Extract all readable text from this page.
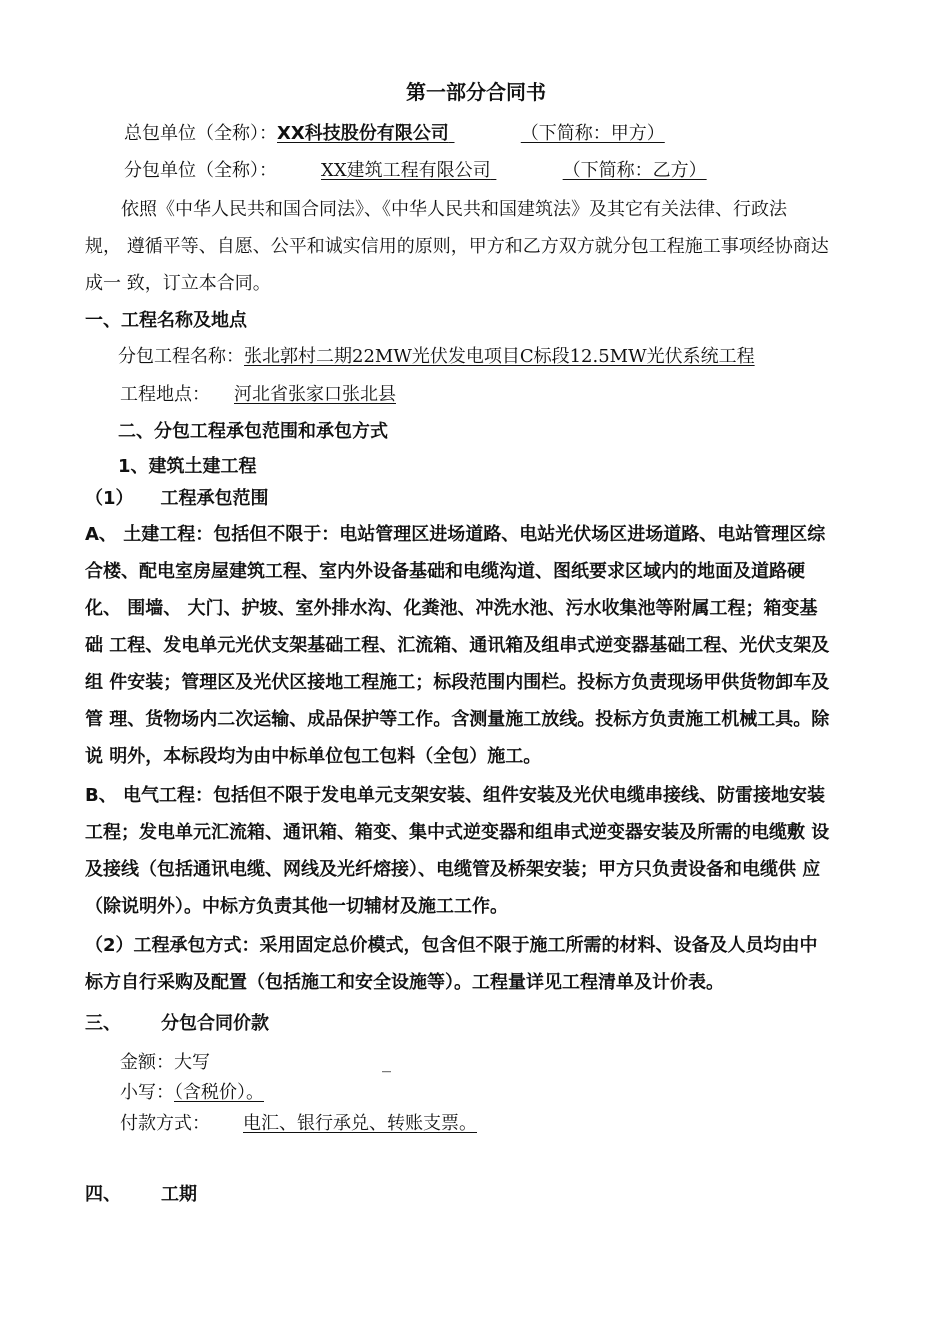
第一部分合同书
总包单位（全称）：XX科技股份有限公司	（下简称：甲方）
分包单位（全称）： XX建筑工程有限公司	（下简称：乙方）
依照《中华人民共和国合同法》、《中华人民共和国建筑法》及其它有关法律、行政法
规， 遵循平等、自愿、公平和诚实信用的原则，甲方和乙方双方就分包工程施工事项经协商达
成一 致，订立本合同。
一、工程名称及地点
分包工程名称：张北郭村二期22MW光伏发电项目C标段12.5MW光伏系统工程
工程地点： 河北省张家口张北县
二、分包工程承包范围和承包方式
1、建筑土建工程
（1）　　工程承包范围
A、 土建工程：包括但不限于：电站管理区进场道路、电站光伏场区进场道路、电站管理区综
合楼、配电室房屋建筑工程、室内外设备基础和电缆沟道、图纸要求区域内的地面及道路硬
化、 围墙、 大门、护坡、室外排水沟、化粪池、冲洗水池、污水收集池等附属工程；箱变基
础 工程、发电单元光伏支架基础工程、汇流箱、通讯箱及组串式逆变器基础工程、光伏支架及
组 件安装；管理区及光伏区接地工程施工；标段范围内围栏。投标方负责现场甲供货物卸车及
管 理、货物场内二次运输、成品保护等工作。含测量施工放线。投标方负责施工机械工具。除
说 明外，本标段均为由中标单位包工包料（全包）施工。
B、 电气工程：包括但不限于发电单元支架安装、组件安装及光伏电缆串接线、防雷接地安装
工程；发电单元汇流箱、通讯箱、箱变、集中式逆变器和组串式逆变器安装及所需的电缆敷 设
及接线（包括通讯电缆、网线及光纤熔接）、电缆管及桥架安装；甲方只负责设备和电缆供 应
（除说明外）。中标方负责其他一切辅材及施工工作。
（2）工程承包方式：采用固定总价模式，包含但不限于施工所需的材料、设备及人员均由中
标方自行采购及配置（包括施工和安全设施等）。工程量详见工程清单及计价表。
三、 分包合同价款
金额：大写	_
小写：（含税价）。
付款方式： 电汇、银行承兑、转账支票。
四、 工期
